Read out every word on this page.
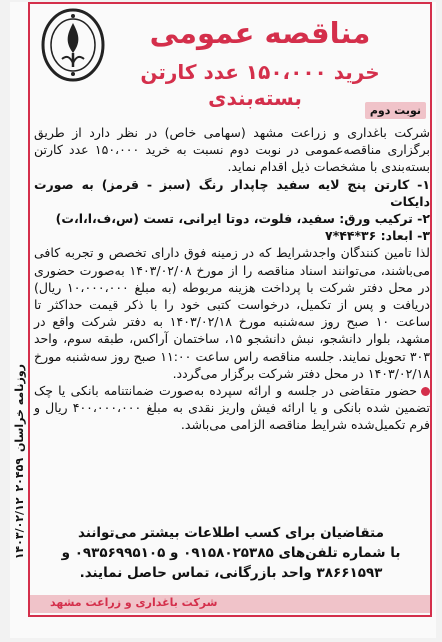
مناقصه عمومی
خرید ۱۵۰،۰۰۰ عدد کارتن
بسته‌بندی
نوبت دوم

شرکت باغداری و زراعت مشهد (سهامی خاص) در نظر دارد از طریق برگزاری مناقصه‌عمومی در نوبت دوم نسبت به خرید ۱۵۰،۰۰۰ عدد کارتن بسته‌بندی با مشخصات ذیل اقدام نماید.

۱- کارتن پنج لایه سفید چاپدار رنگ (سبز - قرمز) به صورت دایکات

۲- ترکیب ورق: سفید، فلوت، دوتا ایرانی، تست (س،ف،ا،ا،ت)

۳- ابعاد: ۳۶*۴۴*۷

لذا تامین کنندگان واجدشرایط که در زمینه فوق دارای تخصص و تجربه کافی می‌باشند، می‌توانند اسناد مناقصه را از مورخ ۱۴۰۳/۰۲/۰۸ به‌صورت حضوری در محل دفتر شرکت با پرداخت هزینه مربوطه (به مبلغ ۱۰،۰۰۰،۰۰۰ ریال) دریافت و پس از تکمیل، درخواست کتبی خود را با ذکر قیمت حداکثر تا ساعت ۱۰ صبح روز سه‌شنبه مورخ ۱۴۰۳/۰۲/۱۸ به دفتر شرکت واقع در مشهد، بلوار دانشجو، نبش دانشجو ۱۵، ساختمان آراکس، طبقه سوم، واحد ۳۰۳ تحویل نمایند. جلسه مناقصه راس ساعت ۱۱:۰۰ صبح روز سه‌شنبه مورخ ۱۴۰۳/۰۲/۱۸ در محل دفتر شرکت برگزار می‌گردد.

حضور متقاضی در جلسه و ارائه سپرده به‌صورت ضمانتنامه بانکی یا چک تضمین شده بانکی و یا ارائه فیش واریز نقدی به مبلغ ۴۰۰،۰۰۰،۰۰۰ ریال و فرم تکمیل‌شده شرایط مناقصه الزامی می‌باشد.

متقاضیان برای کسب اطلاعات بیشتر می‌توانند

با شماره تلفن‌های ۰۹۱۵۸۰۲۵۳۸۵ و ۰۹۳۵۶۹۹۵۱۰۵ و

۳۸۶۶۱۵۹۳ واحد بازرگانی، تماس حاصل نمایند.

شرکت باغداری و زراعت مشهد
روزنامه خراسان
۲۰۴۵۹
۱۴۰۳/۰۲/۱۲
